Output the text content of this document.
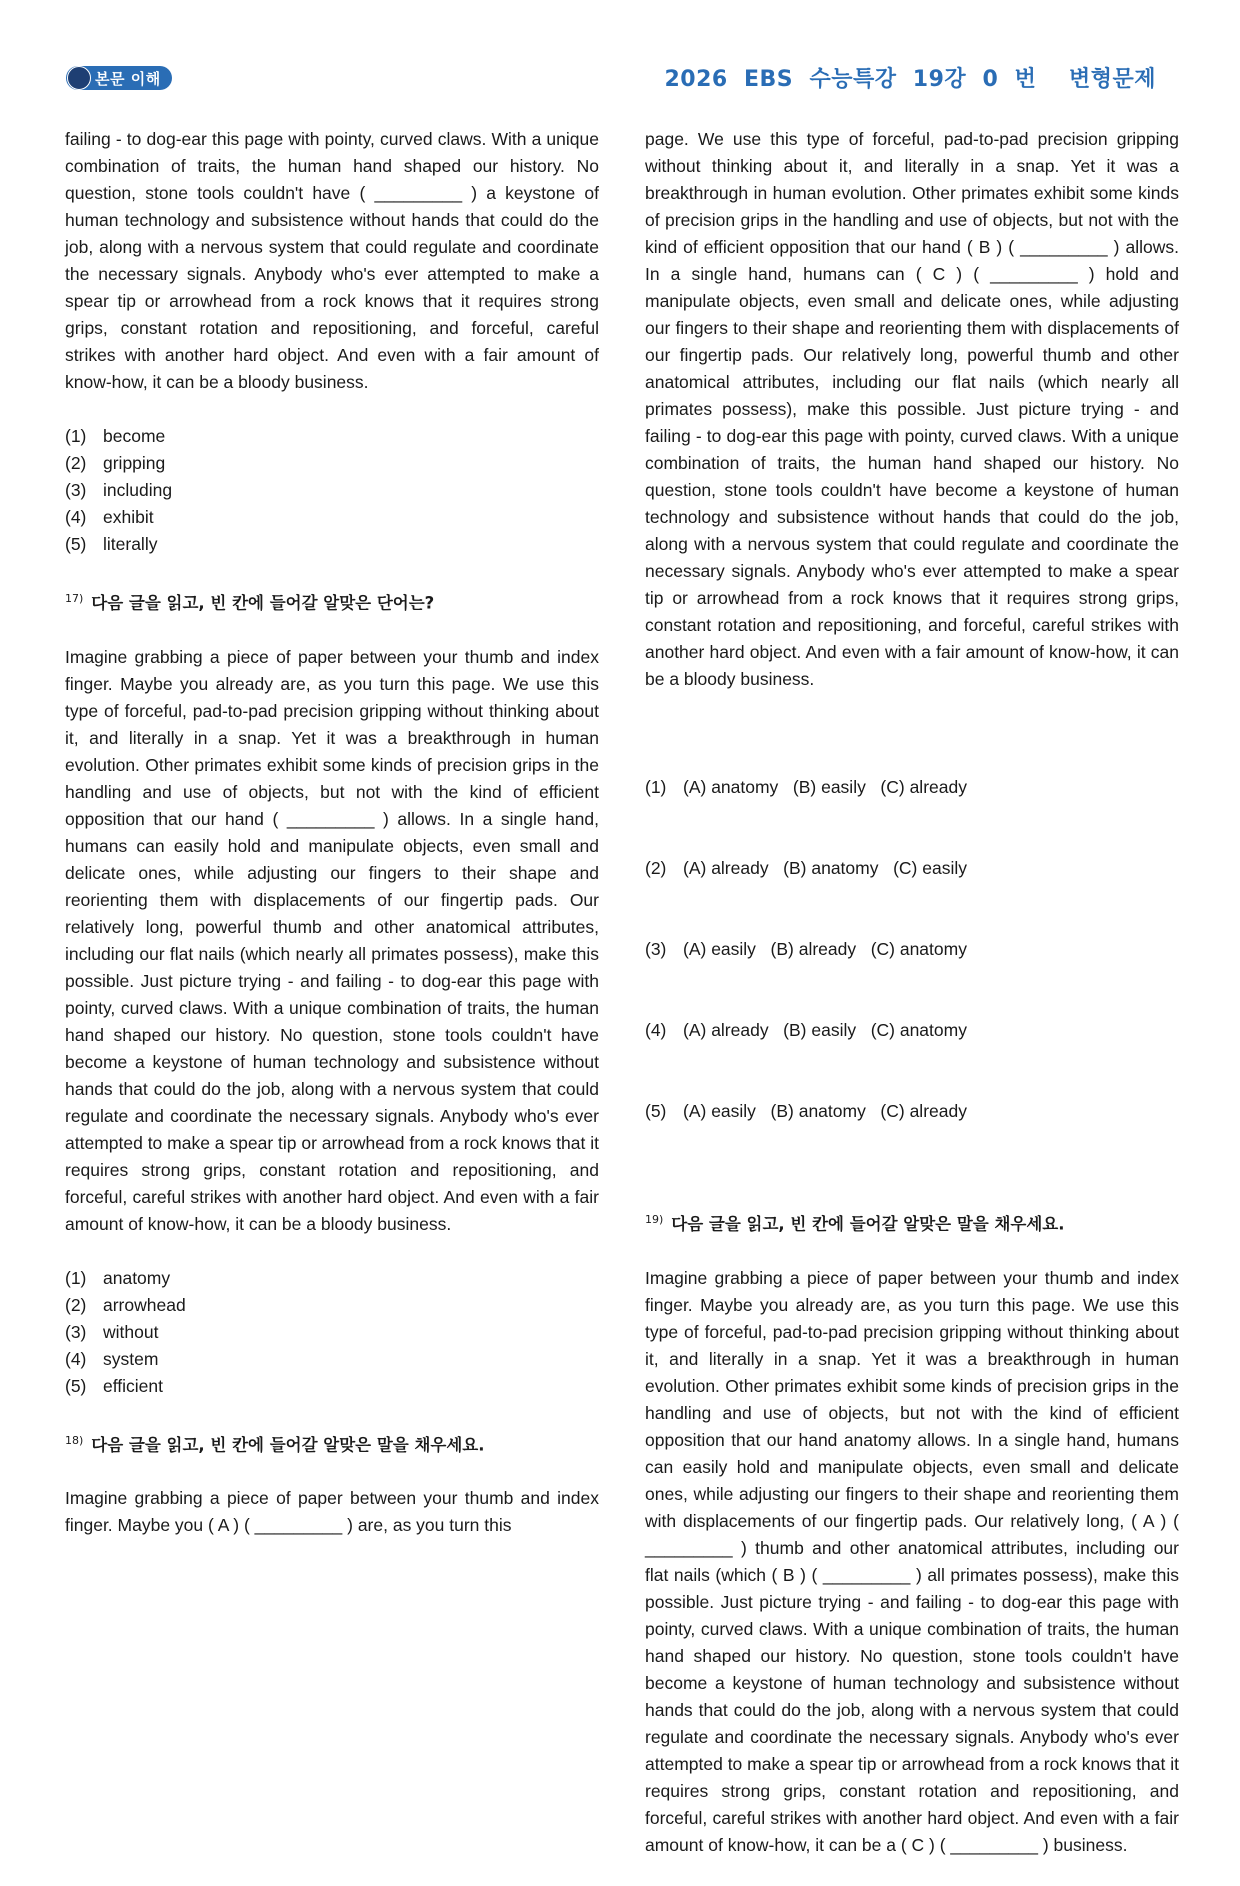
본문 이해	2026  EBS  수능특강  19강  0  번    변형문제

failing - to dog-ear this page with pointy, curved claws. With a unique combination of traits, the human hand shaped our history. No question, stone tools couldn't have ( _________ ) a keystone of human technology and subsistence without hands that could do the job, along with a nervous system that could regulate and coordinate the necessary signals. Anybody who's ever attempted to make a spear tip or arrowhead from a rock knows that it requires strong grips, constant rotation and repositioning, and forceful, careful strikes with another hard object. And even with a fair amount of know-how, it can be a bloody business.

(1) become
(2) gripping
(3) including
(4) exhibit
(5) literally
$^{17)}$ 다음 글을 읽고, 빈 칸에 들어갈 알맞은 단어는?

Imagine grabbing a piece of paper between your thumb and index finger. Maybe you already are, as you turn this page. We use this type of forceful, pad-to-pad precision gripping without thinking about it, and literally in a snap. Yet it was a breakthrough in human evolution. Other primates exhibit some kinds of precision grips in the handling and use of objects, but not with the kind of efficient opposition that our hand ( _________ ) allows. In a single hand, humans can easily hold and manipulate objects, even small and delicate ones, while adjusting our fingers to their shape and reorienting them with displacements of our fingertip pads. Our relatively long, powerful thumb and other anatomical attributes, including our flat nails (which nearly all primates possess), make this possible. Just picture trying - and failing - to dog-ear this page with pointy, curved claws. With a unique combination of traits, the human hand shaped our history. No question, stone tools couldn't have become a keystone of human technology and subsistence without hands that could do the job, along with a nervous system that could regulate and coordinate the necessary signals. Anybody who's ever attempted to make a spear tip or arrowhead from a rock knows that it requires strong grips, constant rotation and repositioning, and forceful, careful strikes with another hard object. And even with a fair amount of know-how, it can be a bloody business.

(1) anatomy
(2) arrowhead
(3) without
(4) system
(5) efficient
$^{18)}$ 다음 글을 읽고, 빈 칸에 들어갈 알맞은 말을 채우세요.

Imagine grabbing a piece of paper between your thumb and index finger. Maybe you ( A ) ( _________ ) are, as you turn this

page. We use this type of forceful, pad-to-pad precision gripping without thinking about it, and literally in a snap. Yet it was a breakthrough in human evolution. Other primates exhibit some kinds of precision grips in the handling and use of objects, but not with the kind of efficient opposition that our hand ( B ) ( _________ ) allows. In a single hand, humans can ( C ) ( _________ ) hold and manipulate objects, even small and delicate ones, while adjusting our fingers to their shape and reorienting them with displacements of our fingertip pads. Our relatively long, powerful thumb and other anatomical attributes, including our flat nails (which nearly all primates possess), make this possible. Just picture trying - and failing - to dog-ear this page with pointy, curved claws. With a unique combination of traits, the human hand shaped our history. No question, stone tools couldn't have become a keystone of human technology and subsistence without hands that could do the job, along with a nervous system that could regulate and coordinate the necessary signals. Anybody who's ever attempted to make a spear tip or arrowhead from a rock knows that it requires strong grips, constant rotation and repositioning, and forceful, careful strikes with another hard object. And even with a fair amount of know-how, it can be a bloody business.

(1) (A) anatomy   (B) easily   (C) already

(2) (A) already   (B) anatomy   (C) easily

(3) (A) easily   (B) already   (C) anatomy

(4) (A) already   (B) easily   (C) anatomy

(5) (A) easily   (B) anatomy   (C) already

$^{19)}$ 다음 글을 읽고, 빈 칸에 들어갈 알맞은 말을 채우세요.

Imagine grabbing a piece of paper between your thumb and index finger. Maybe you already are, as you turn this page. We use this type of forceful, pad-to-pad precision gripping without thinking about it, and literally in a snap. Yet it was a breakthrough in human evolution. Other primates exhibit some kinds of precision grips in the handling and use of objects, but not with the kind of efficient opposition that our hand anatomy allows. In a single hand, humans can easily hold and manipulate objects, even small and delicate ones, while adjusting our fingers to their shape and reorienting them with displacements of our fingertip pads. Our relatively long, ( A ) ( _________ ) thumb and other anatomical attributes, including our flat nails (which ( B ) ( _________ ) all primates possess), make this possible. Just picture trying - and failing - to dog-ear this page with pointy, curved claws. With a unique combination of traits, the human hand shaped our history. No question, stone tools couldn't have become a keystone of human technology and subsistence without hands that could do the job, along with a nervous system that could regulate and coordinate the necessary signals. Anybody who's ever attempted to make a spear tip or arrowhead from a rock knows that it requires strong grips, constant rotation and repositioning, and forceful, careful strikes with another hard object. And even with a fair amount of know-how, it can be a ( C ) ( _________ ) business.
